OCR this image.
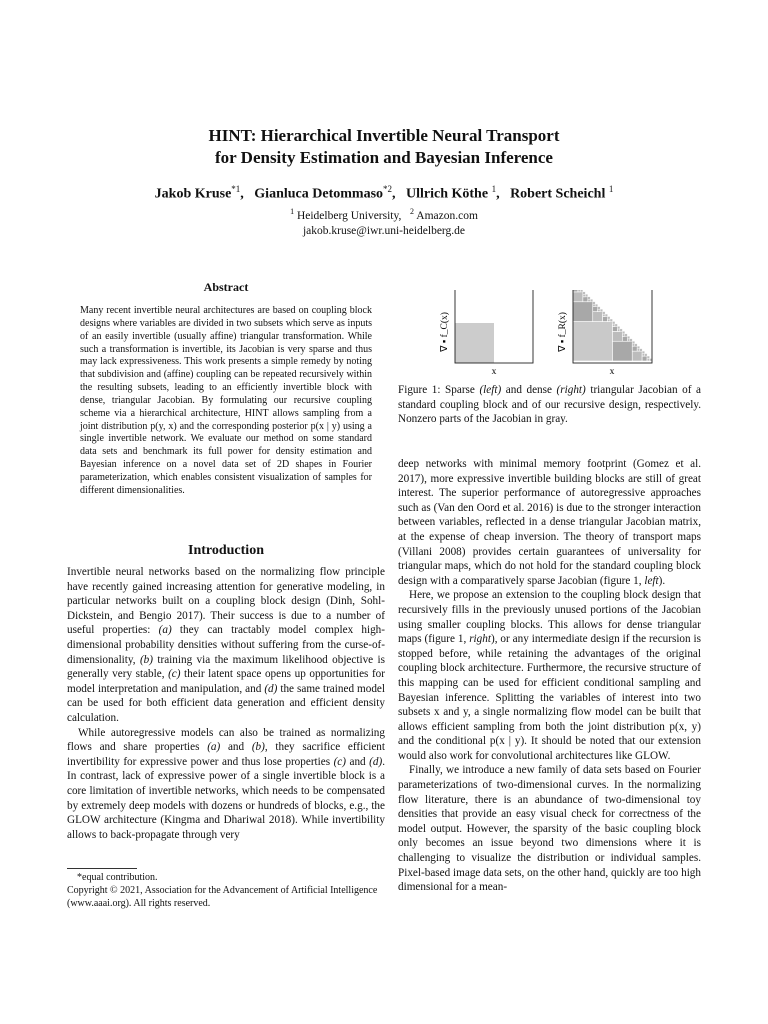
HINT: Hierarchical Invertible Neural Transport
for Density Estimation and Bayesian Inference
Jakob Kruse$^{*1}$,   Gianluca Detommaso$^{*2}$,   Ullrich Köthe $^1$,   Robert Scheichl $^1$
$^1$ Heidelberg University, $^2$ Amazon.com
jakob.kruse@iwr.uni-heidelberg.de
Abstract

Many recent invertible neural architectures are based on coupling block designs where variables are divided in two subsets which serve as inputs of an easily invertible (usually affine) triangular transformation. While such a transformation is invertible, its Jacobian is very sparse and thus may lack expressiveness. This work presents a simple remedy by noting that subdivision and (affine) coupling can be repeated recursively within the resulting subsets, leading to an efficiently invertible block with dense, triangular Jacobian. By formulating our recursive coupling scheme via a hierarchical architecture, HINT allows sampling from a joint distribution p(y, x) and the corresponding posterior p(x | y) using a single invertible network. We evaluate our method on some standard data sets and benchmark its full power for density estimation and Bayesian inference on a novel data set of 2D shapes in Fourier parameterization, which enables consistent visualization of samples for different dimensionalities.

Introduction

Invertible neural networks based on the normalizing flow principle have recently gained increasing attention for generative modeling, in particular networks built on a coupling block design (Dinh, Sohl-Dickstein, and Bengio 2017). Their success is due to a number of useful properties: (a) they can tractably model complex high-dimensional probability densities without suffering from the curse-of-dimensionality, (b) training via the maximum likelihood objective is generally very stable, (c) their latent space opens up opportunities for model interpretation and manipulation, and (d) the same trained model can be used for both efficient data generation and efficient density calculation.

While autoregressive models can also be trained as normalizing flows and share properties (a) and (b), they sacrifice efficient invertibility for expressive power and thus lose properties (c) and (d). In contrast, lack of expressive power of a single invertible block is a core limitation of invertible networks, which needs to be compensated by extremely deep models with dozens or hundreds of blocks, e.g., the GLOW architecture (Kingma and Dhariwal 2018). While invertibility allows to back-propagate through very

*equal contribution.
Copyright © 2021, Association for the Advancement of Artificial Intelligence (www.aaai.org). All rights reserved.
∇ ▪ f_C(x)
x
∇ ▪ f_R(x)
x

Figure 1: Sparse (left) and dense (right) triangular Jacobian of a standard coupling block and of our recursive design, respectively. Nonzero parts of the Jacobian in gray.

deep networks with minimal memory footprint (Gomez et al. 2017), more expressive invertible building blocks are still of great interest. The superior performance of autoregressive approaches such as (Van den Oord et al. 2016) is due to the stronger interaction between variables, reflected in a dense triangular Jacobian matrix, at the expense of cheap inversion. The theory of transport maps (Villani 2008) provides certain guarantees of universality for triangular maps, which do not hold for the standard coupling block design with a comparatively sparse Jacobian (figure 1, left).

Here, we propose an extension to the coupling block design that recursively fills in the previously unused portions of the Jacobian using smaller coupling blocks. This allows for dense triangular maps (figure 1, right), or any intermediate design if the recursion is stopped before, while retaining the advantages of the original coupling block architecture. Furthermore, the recursive structure of this mapping can be used for efficient conditional sampling and Bayesian inference. Splitting the variables of interest into two subsets x and y, a single normalizing flow model can be built that allows efficient sampling from both the joint distribution p(x, y) and the conditional p(x | y). It should be noted that our extension would also work for convolutional architectures like GLOW.

Finally, we introduce a new family of data sets based on Fourier parameterizations of two-dimensional curves. In the normalizing flow literature, there is an abundance of two-dimensional toy densities that provide an easy visual check for correctness of the model output. However, the sparsity of the basic coupling block only becomes an issue beyond two dimensions where it is challenging to visualize the distribution or individual samples. Pixel-based image data sets, on the other hand, quickly are too high dimensional for a mean-
